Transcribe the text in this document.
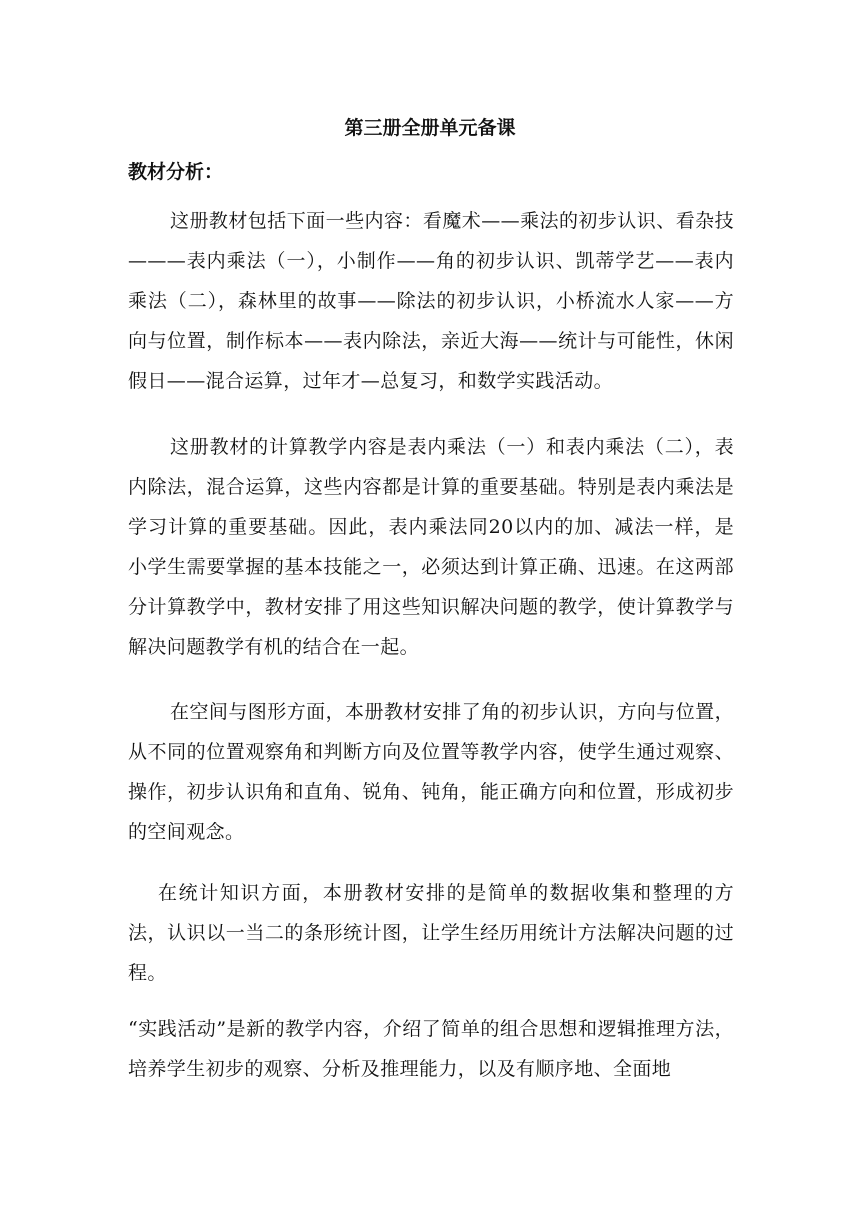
第三册全册单元备课
教材分析：

这册教材包括下面一些内容：看魔术——乘法的初步认识、看杂技———表内乘法（一），小制作——角的初步认识、凯蒂学艺——表内乘法（二），森林里的故事——除法的初步认识，小桥流水人家——方向与位置，制作标本——表内除法，亲近大海——统计与可能性，休闲假日——混合运算，过年才—总复习，和数学实践活动。

这册教材的计算教学内容是表内乘法（一）和表内乘法（二），表内除法，混合运算，这些内容都是计算的重要基础。特别是表内乘法是学习计算的重要基础。因此，表内乘法同20以内的加、减法一样，是小学生需要掌握的基本技能之一，必须达到计算正确、迅速。在这两部分计算教学中，教材安排了用这些知识解决问题的教学，使计算教学与解决问题教学有机的结合在一起。

在空间与图形方面，本册教材安排了角的初步认识，方向与位置，从不同的位置观察角和判断方向及位置等教学内容，使学生通过观察、操作，初步认识角和直角、锐角、钝角，能正确方向和位置，形成初步的空间观念。

在统计知识方面，本册教材安排的是简单的数据收集和整理的方法，认识以一当二的条形统计图，让学生经历用统计方法解决问题的过程。

“实践活动”是新的教学内容，介绍了简单的组合思想和逻辑推理方法，培养学生初步的观察、分析及推理能力，以及有顺序地、全面地
